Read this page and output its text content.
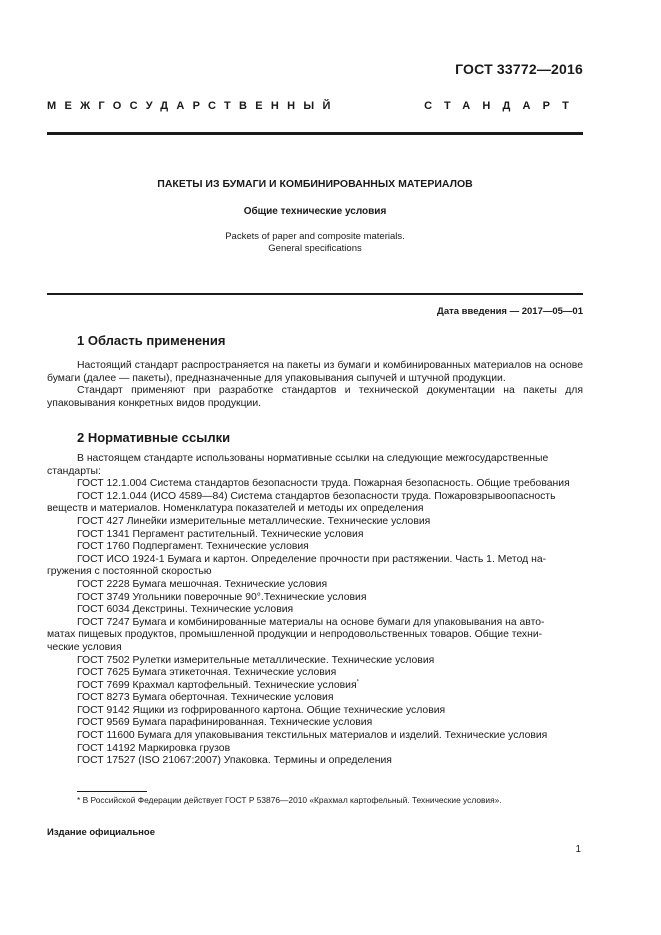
ГОСТ 33772—2016
МЕЖГОСУДАРСТВЕННЫЙ	СТАНДАРТ
ПАКЕТЫ ИЗ БУМАГИ И КОМБИНИРОВАННЫХ МАТЕРИАЛОВ
Общие технические условия
Packets of paper and composite materials.
General specifications
Дата введения — 2017—05—01
1 Область применения

Настоящий стандарт распространяется на пакеты из бумаги и комбинированных материалов на основе бумаги (далее — пакеты), предназначенные для упаковывания сыпучей и штучной продукции.

Стандарт применяют при разработке стандартов и технической документации на пакеты для упаковывания конкретных видов продукции.

2 Нормативные ссылки
В настоящем стандарте использованы нормативные ссылки на следующие межгосударственные
стандарты:
ГОСТ 12.1.004 Система стандартов безопасности труда. Пожарная безопасность. Общие требования
ГОСТ 12.1.044 (ИСО 4589—84) Система стандартов безопасности труда. Пожаровзрывоопасность
веществ и материалов. Номенклатура показателей и методы их определения
ГОСТ 427 Линейки измерительные металлические. Технические условия
ГОСТ 1341 Пергамент растительный. Технические условия
ГОСТ 1760 Подпергамент. Технические условия
ГОСТ ИСО 1924-1 Бумага и картон. Определение прочности при растяжении. Часть 1. Метод на-
гружения с постоянной скоростью
ГОСТ 2228 Бумага мешочная. Технические условия
ГОСТ 3749 Угольники поверочные 90°.Технические условия
ГОСТ 6034 Декстрины. Технические условия
ГОСТ 7247 Бумага и комбинированные материалы на основе бумаги для упаковывания на авто-
матах пищевых продуктов, промышленной продукции и непродовольственных товаров. Общие техни-
ческие условия
ГОСТ 7502 Рулетки измерительные металлические. Технические условия
ГОСТ 7625 Бумага этикеточная. Технические условия
ГОСТ 7699 Крахмал картофельный. Технические условия*
ГОСТ 8273 Бумага оберточная. Технические условия
ГОСТ 9142 Ящики из гофрированного картона. Общие технические условия
ГОСТ 9569 Бумага парафинированная. Технические условия
ГОСТ 11600 Бумага для упаковывания текстильных материалов и изделий. Технические условия
ГОСТ 14192 Маркировка грузов
ГОСТ 17527 (ISO 21067:2007) Упаковка. Термины и определения
* В Российской Федерации действует ГОСТ Р 53876—2010 «Крахмал картофельный. Технические условия».
Издание официальное
1
